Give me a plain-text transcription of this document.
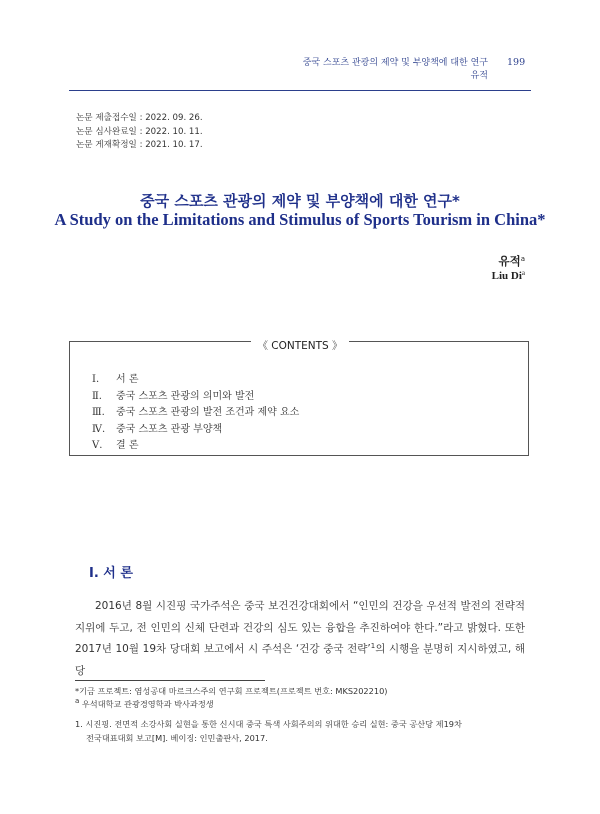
중국 스포츠 관광의 제약 및 부양책에 대한 연구
유적
199
논문 제출접수일 : 2022. 09. 26.
논문 심사완료일 : 2022. 10. 11.
논문 게재확정일 : 2021. 10. 17.
중국 스포츠 관광의 제약 및 부양책에 대한 연구*
A Study on the Limitations and Stimulus of Sports Tourism in China*
유적$^a$
Liu Di$^a$
《 CONTENTS 》
Ⅰ.	서 론
Ⅱ.	중국 스포츠 관광의 의미와 발전
Ⅲ.	중국 스포츠 관광의 발전 조건과 제약 요소
Ⅳ.	중국 스포츠 관광 부양책
Ⅴ.	결 론
Ⅰ. 서 론
2016년 8월 시진핑 국가주석은 중국 보건건강대회에서 “인민의 건강을 우선적 발전의 전략적 지위에 두고, 전 인민의 신체 단련과 건강의 심도 있는 융합을 추진하여야 한다.”라고 밝혔다. 또한 2017년 10월 19차 당대회 보고에서 시 주석은 ‘건강 중국 전략’$^1$의 시행을 분명히 지시하였고, 해당
*기금 프로젝트: 염성공대 마르크스주의 연구회 프로젝트(프로젝트 번호: MKS202210)
$^a$ 우석대학교 관광경영학과 박사과정생
1. 시진핑. 전면적 소강사회 실현을 통한 신시대 중국 특색 사회주의의 위대한 승리 실현: 중국 공산당 제19차
전국대표대회 보고[M]. 베이징: 인민출판사, 2017.
